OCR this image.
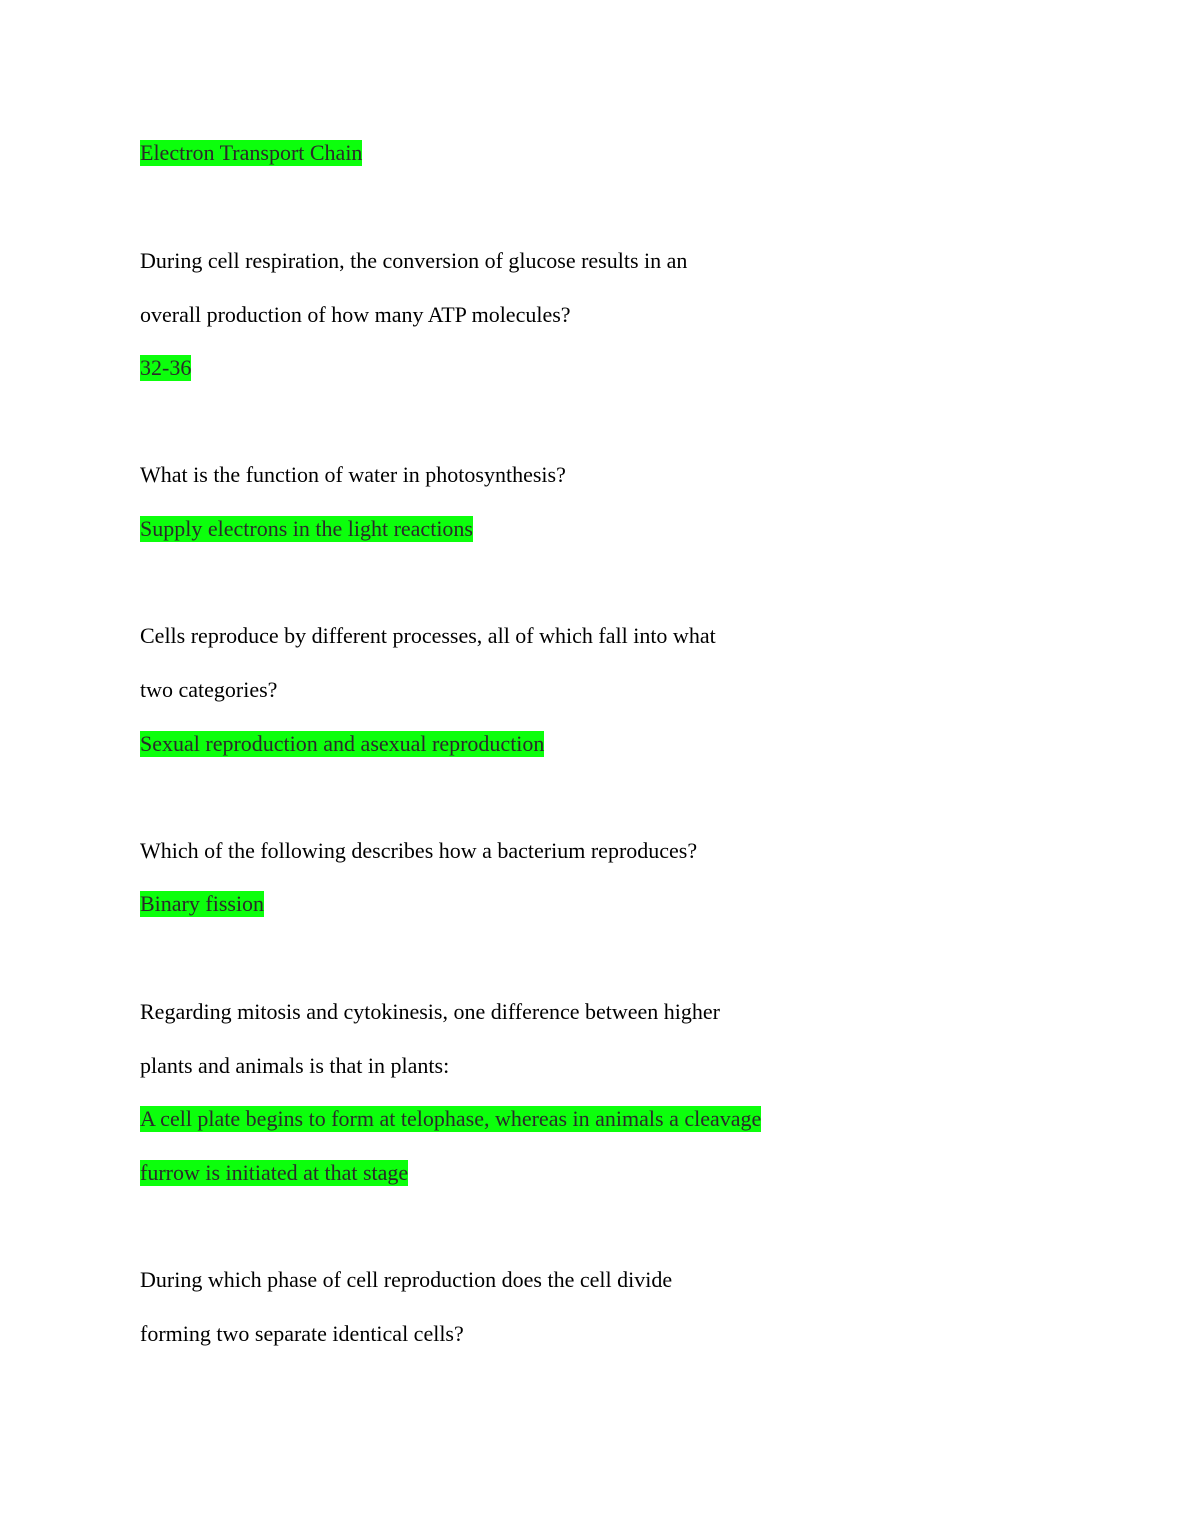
Electron Transport Chain
During cell respiration, the conversion of glucose results in an
overall production of how many ATP molecules?
32-36
What is the function of water in photosynthesis?
Supply electrons in the light reactions
Cells reproduce by different processes, all of which fall into what
two categories?
Sexual reproduction and asexual reproduction
Which of the following describes how a bacterium reproduces?
Binary fission
Regarding mitosis and cytokinesis, one difference between higher
plants and animals is that in plants:
A cell plate begins to form at telophase, whereas in animals a cleavage
furrow is initiated at that stage
During which phase of cell reproduction does the cell divide
forming two separate identical cells?
